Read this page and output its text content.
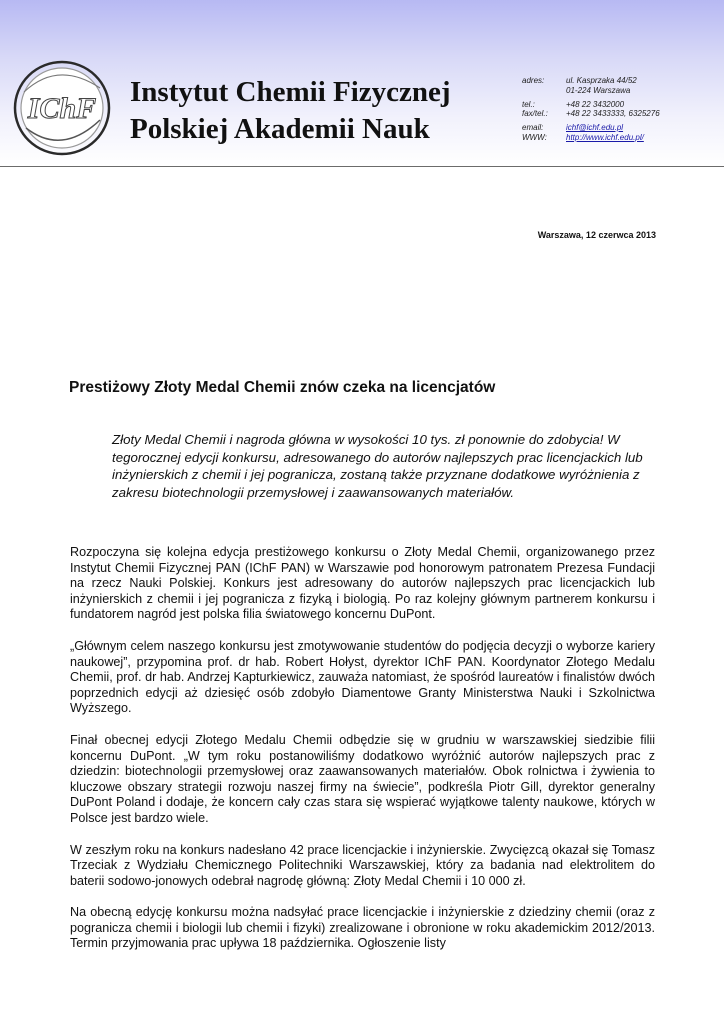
IChF Instytut Chemii Fizycznej
Polskiej Akademii Nauk
adres:	ul. Kasprzaka 44/52
01-224 Warszawa
tel.:	+48 22 3432000
fax/tel.:	+48 22 3433333, 6325276
email:	ichf@ichf.edu.pl
WWW:	http://www.ichf.edu.pl/
Warszawa, 12 czerwca 2013
Prestiżowy Złoty Medal Chemii znów czeka na licencjatów
Złoty Medal Chemii i nagroda główna w wysokości 10 tys. zł ponownie do zdobycia! W tegorocznej edycji konkursu, adresowanego do autorów najlepszych prac licencjackich lub inżynierskich z chemii i jej pogranicza, zostaną także przyznane dodatkowe wyróżnienia z zakresu biotechnologii przemysłowej i zaawansowanych materiałów.

Rozpoczyna się kolejna edycja prestiżowego konkursu o Złoty Medal Chemii, organizowanego przez Instytut Chemii Fizycznej PAN (IChF PAN) w Warszawie pod honorowym patronatem Prezesa Fundacji na rzecz Nauki Polskiej. Konkurs jest adresowany do autorów najlepszych prac licencjackich lub inżynierskich z chemii i jej pogranicza z fizyką i biologią. Po raz kolejny głównym partnerem konkursu i fundatorem nagród jest polska filia światowego koncernu DuPont.

„Głównym celem naszego konkursu jest zmotywowanie studentów do podjęcia decyzji o wyborze kariery naukowej”, przypomina prof. dr hab. Robert Hołyst, dyrektor IChF PAN. Koordynator Złotego Medalu Chemii, prof. dr hab. Andrzej Kapturkiewicz, zauważa natomiast, że spośród laureatów i finalistów dwóch poprzednich edycji aż dziesięć osób zdobyło Diamentowe Granty Ministerstwa Nauki i Szkolnictwa Wyższego.

Finał obecnej edycji Złotego Medalu Chemii odbędzie się w grudniu w warszawskiej siedzibie filii koncernu DuPont. „W tym roku postanowiliśmy dodatkowo wyróżnić autorów najlepszych prac z dziedzin: biotechnologii przemysłowej oraz zaawansowanych materiałów. Obok rolnictwa i żywienia to kluczowe obszary strategii rozwoju naszej firmy na świecie”, podkreśla Piotr Gill, dyrektor generalny DuPont Poland i dodaje, że koncern cały czas stara się wspierać wyjątkowe talenty naukowe, których w Polsce jest bardzo wiele.

W zeszłym roku na konkurs nadesłano 42 prace licencjackie i inżynierskie. Zwycięzcą okazał się Tomasz Trzeciak z Wydziału Chemicznego Politechniki Warszawskiej, który za badania nad elektrolitem do baterii sodowo-jonowych odebrał nagrodę główną: Złoty Medal Chemii i 10 000 zł.

Na obecną edycję konkursu można nadsyłać prace licencjackie i inżynierskie z dziedziny chemii (oraz z pogranicza chemii i biologii lub chemii i fizyki) zrealizowane i obronione w roku akademickim 2012/2013. Termin przyjmowania prac upływa 18 października. Ogłoszenie listy
